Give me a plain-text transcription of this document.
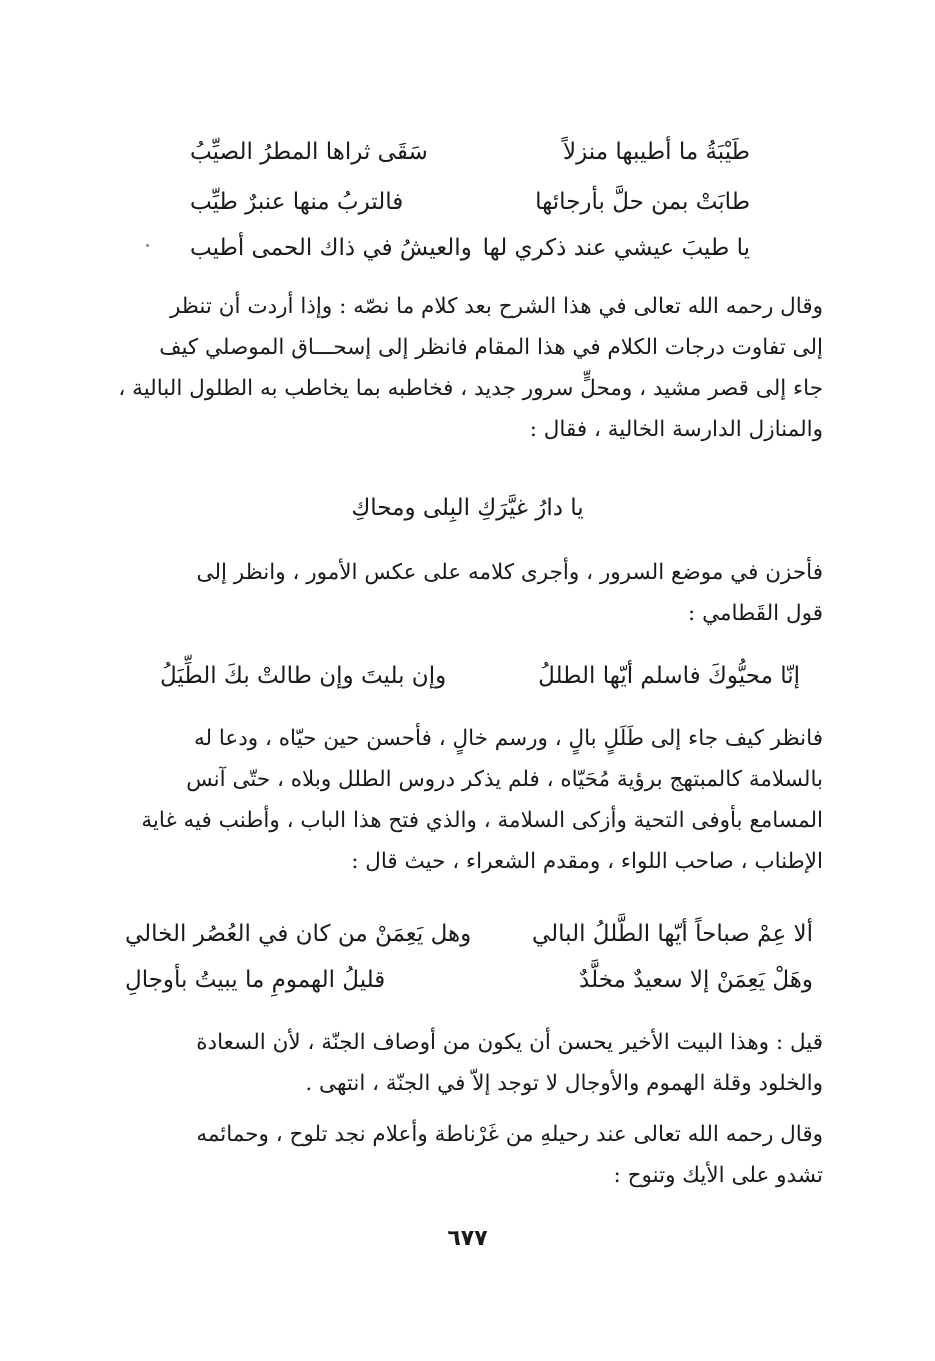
طَيْبَةُ ما أطيبها منزلاً
سَقَى ثراها المطرُ الصيِّبُ
طابَتْ بمن حلَّ بأرجائها
فالتربُ منها عنبرٌ طيِّب
يا طيبَ عيشي عند ذكري لها
والعيشُ في ذاك الحمى أطيب
وقال رحمه الله تعالى في هذا الشرح بعد كلام ما نصّه : وإذا أردت أن تنظر
إلى تفاوت درجات الكلام في هذا المقام فانظر إلى إسحـــاق الموصلي كيف
جاء إلى قصر مشيد ، ومحلٍّ سرور جديد ، فخاطبه بما يخاطب به الطلول البالية ،
والمنازل الدارسة الخالية ، فقال :
يا دارُ غيَّرَكِ البِلى ومحاكِ
فأحزن في موضع السرور ، وأجرى كلامه على عكس الأمور ، وانظر إلى
قول القَطامي :
إنّا محيُّوكَ فاسلم أيّها الطللُ
وإن بليتَ وإن طالتْ بكَ الطِّيَلُ
فانظر كيف جاء إلى طَلَلٍ بالٍ ، ورسم خالٍ ، فأحسن حين حيّاه ، ودعا له
بالسلامة كالمبتهج برؤية مُحَيّاه ، فلم يذكر دروس الطلل وبلاه ، حتّى آنس
المسامع بأوفى التحية وأزكى السلامة ، والذي فتح هذا الباب ، وأطنب فيه غاية
الإطناب ، صاحب اللواء ، ومقدم الشعراء ، حيث قال :
ألا عِمْ صباحاً أيّها الطَّللُ البالي
وهل يَعِمَنْ من كان في العُصُر الخالي
وهَلْ يَعِمَنْ إلا سعيدٌ مخلَّدٌ
قليلُ الهمومِ ما يبيتُ بأوجالِ
قيل : وهذا البيت الأخير يحسن أن يكون من أوصاف الجنّة ، لأن السعادة
والخلود وقلة الهموم والأوجال لا توجد إلاّ في الجنّة ، انتهى .
وقال رحمه الله تعالى عند رحيلهِ من غَرْناطة وأعلام نجد تلوح ، وحمائمه
تشدو على الأيك وتنوح :
٦٧٧
